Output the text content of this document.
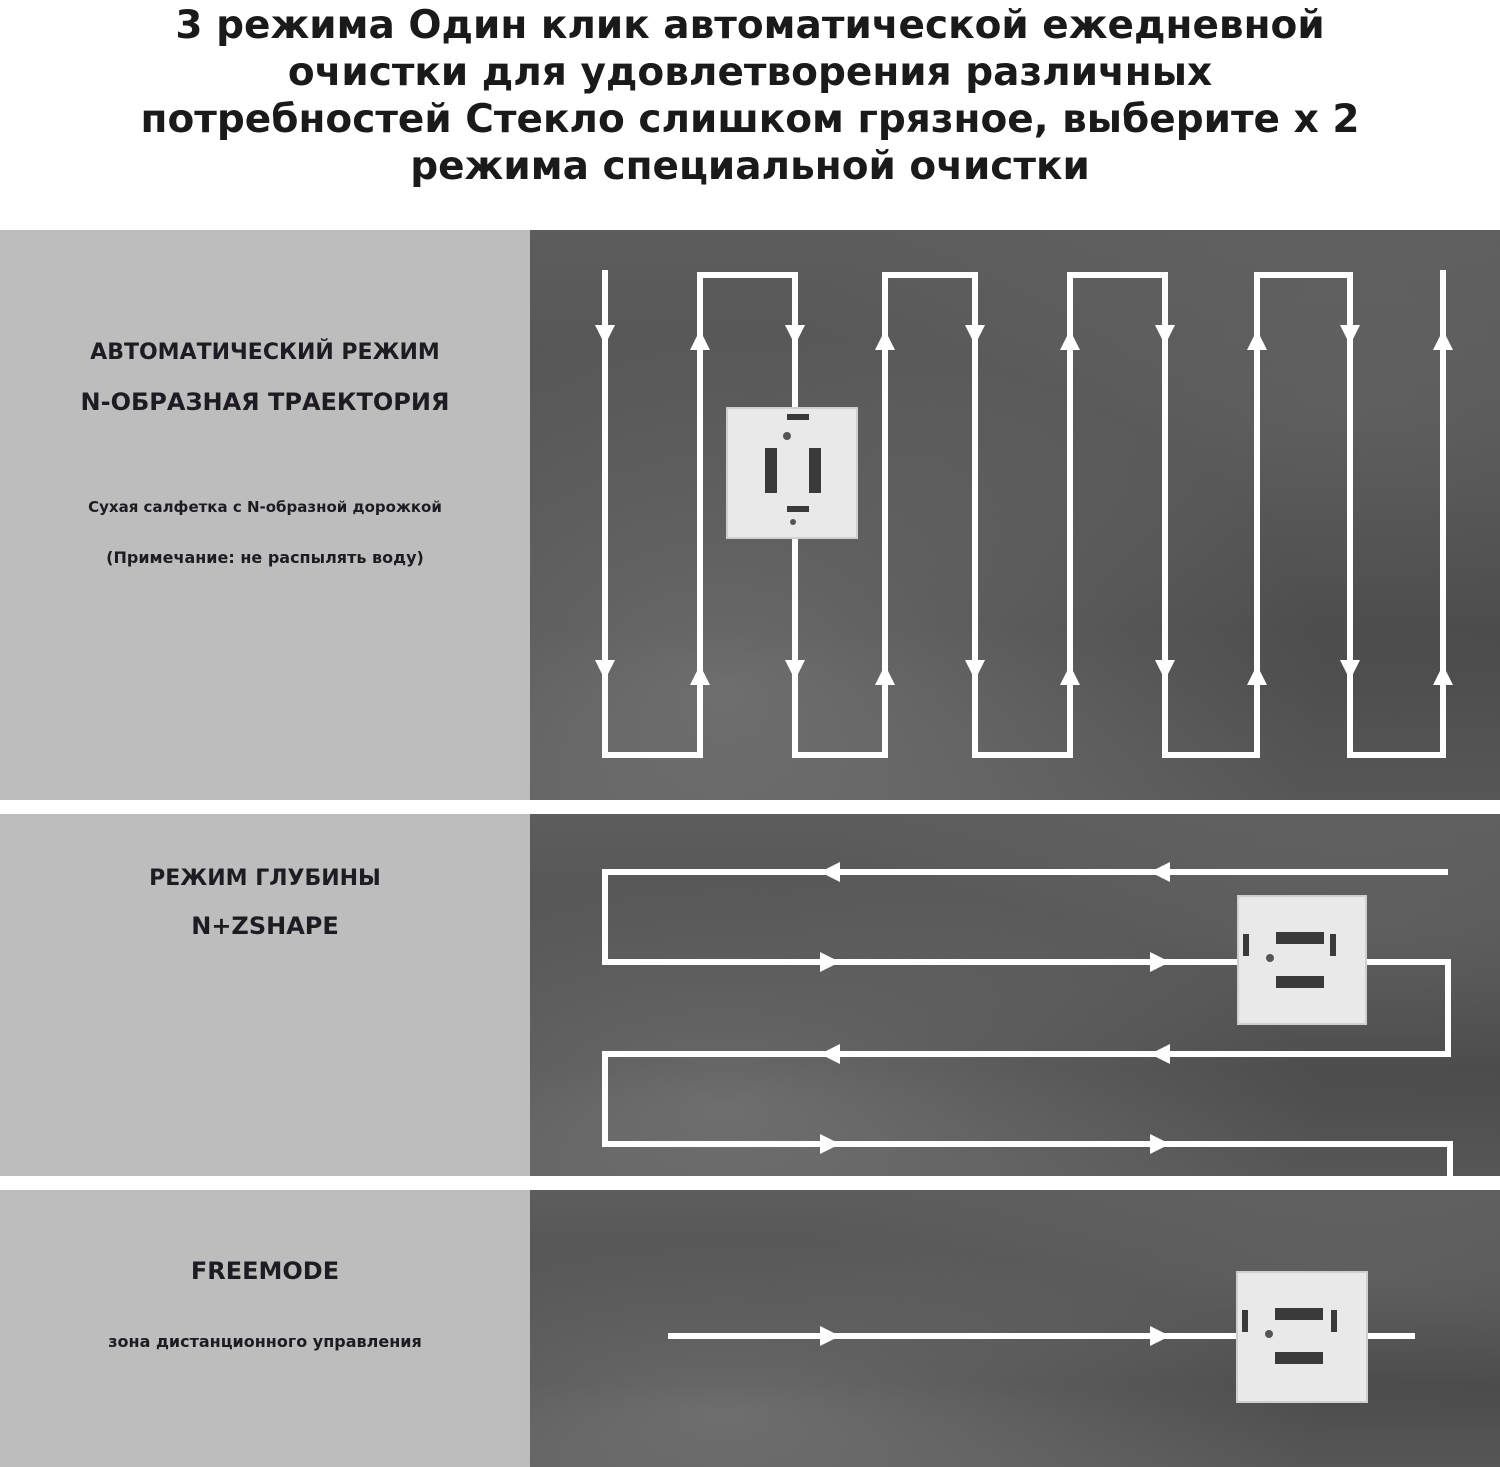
3 режима Один клик автоматической ежедневной
очистки для удовлетворения различных
потребностей Стекло слишком грязное, выберите x 2
режима специальной очистки
АВТОМАТИЧЕСКИЙ РЕЖИМ
N-ОБРАЗНАЯ ТРАЕКТОРИЯ
Сухая салфетка с N-образной дорожкой
(Примечание: не распылять воду)
РЕЖИМ ГЛУБИНЫ
N+ZSHAPE
FREEMODE
зона дистанционного управления
